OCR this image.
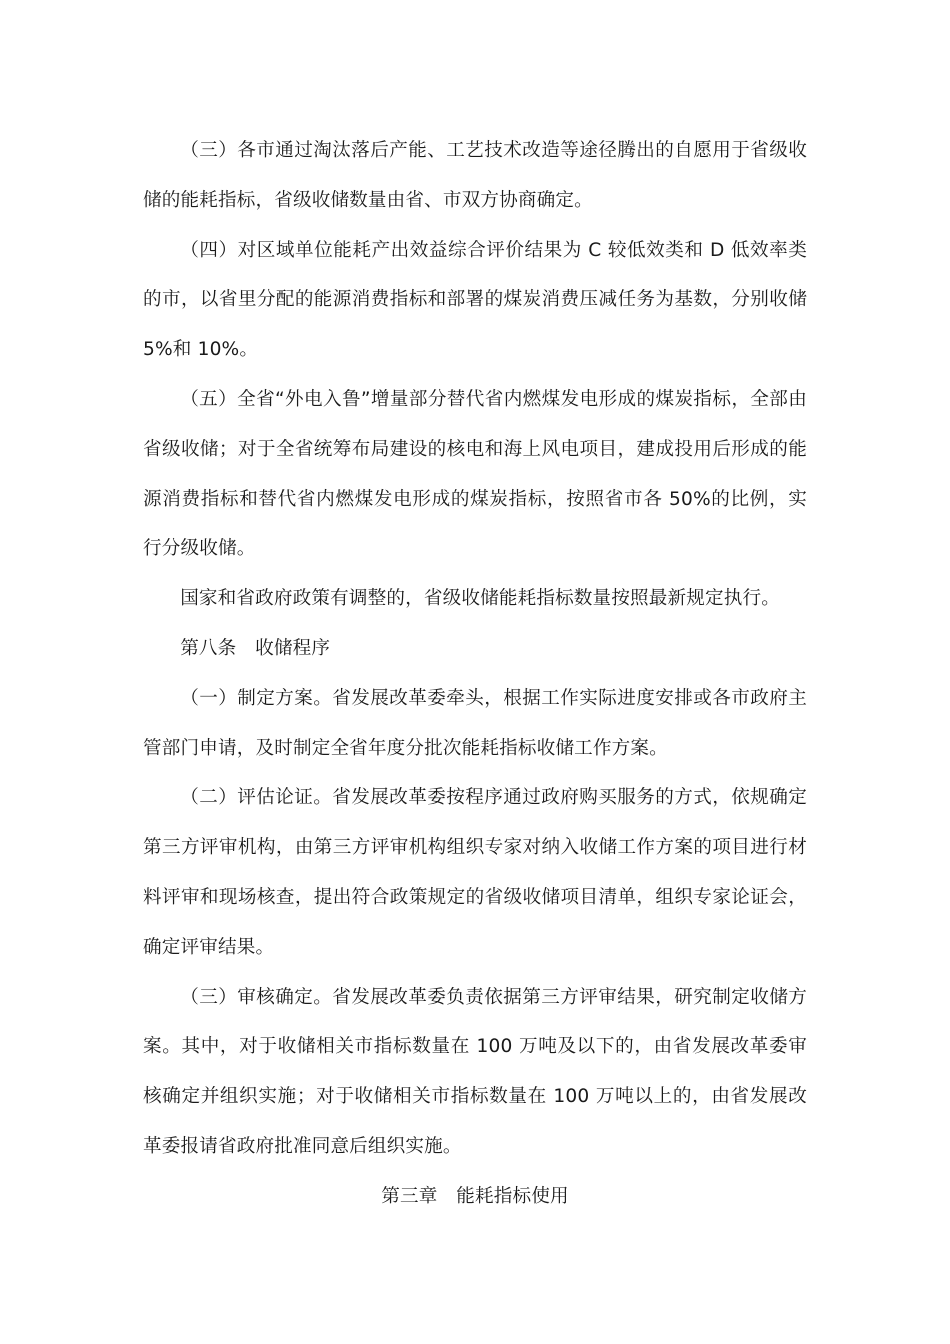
（三）各市通过淘汰落后产能、工艺技术改造等途径腾出的自愿用于省级收储的能耗指标，省级收储数量由省、市双方协商确定。

（四）对区域单位能耗产出效益综合评价结果为 C 较低效类和 D 低效率类的市，以省里分配的能源消费指标和部署的煤炭消费压减任务为基数，分别收储 5%和 10%。

（五）全省“外电入鲁”增量部分替代省内燃煤发电形成的煤炭指标，全部由省级收储；对于全省统筹布局建设的核电和海上风电项目，建成投用后形成的能源消费指标和替代省内燃煤发电形成的煤炭指标，按照省市各 50%的比例，实行分级收储。

国家和省政府政策有调整的，省级收储能耗指标数量按照最新规定执行。

第八条　收储程序

（一）制定方案。省发展改革委牵头，根据工作实际进度安排或各市政府主管部门申请，及时制定全省年度分批次能耗指标收储工作方案。

（二）评估论证。省发展改革委按程序通过政府购买服务的方式，依规确定第三方评审机构，由第三方评审机构组织专家对纳入收储工作方案的项目进行材料评审和现场核查，提出符合政策规定的省级收储项目清单，组织专家论证会，确定评审结果。

（三）审核确定。省发展改革委负责依据第三方评审结果，研究制定收储方案。其中，对于收储相关市指标数量在 100 万吨及以下的，由省发展改革委审核确定并组织实施；对于收储相关市指标数量在 100 万吨以上的，由省发展改革委报请省政府批准同意后组织实施。

第三章　能耗指标使用
